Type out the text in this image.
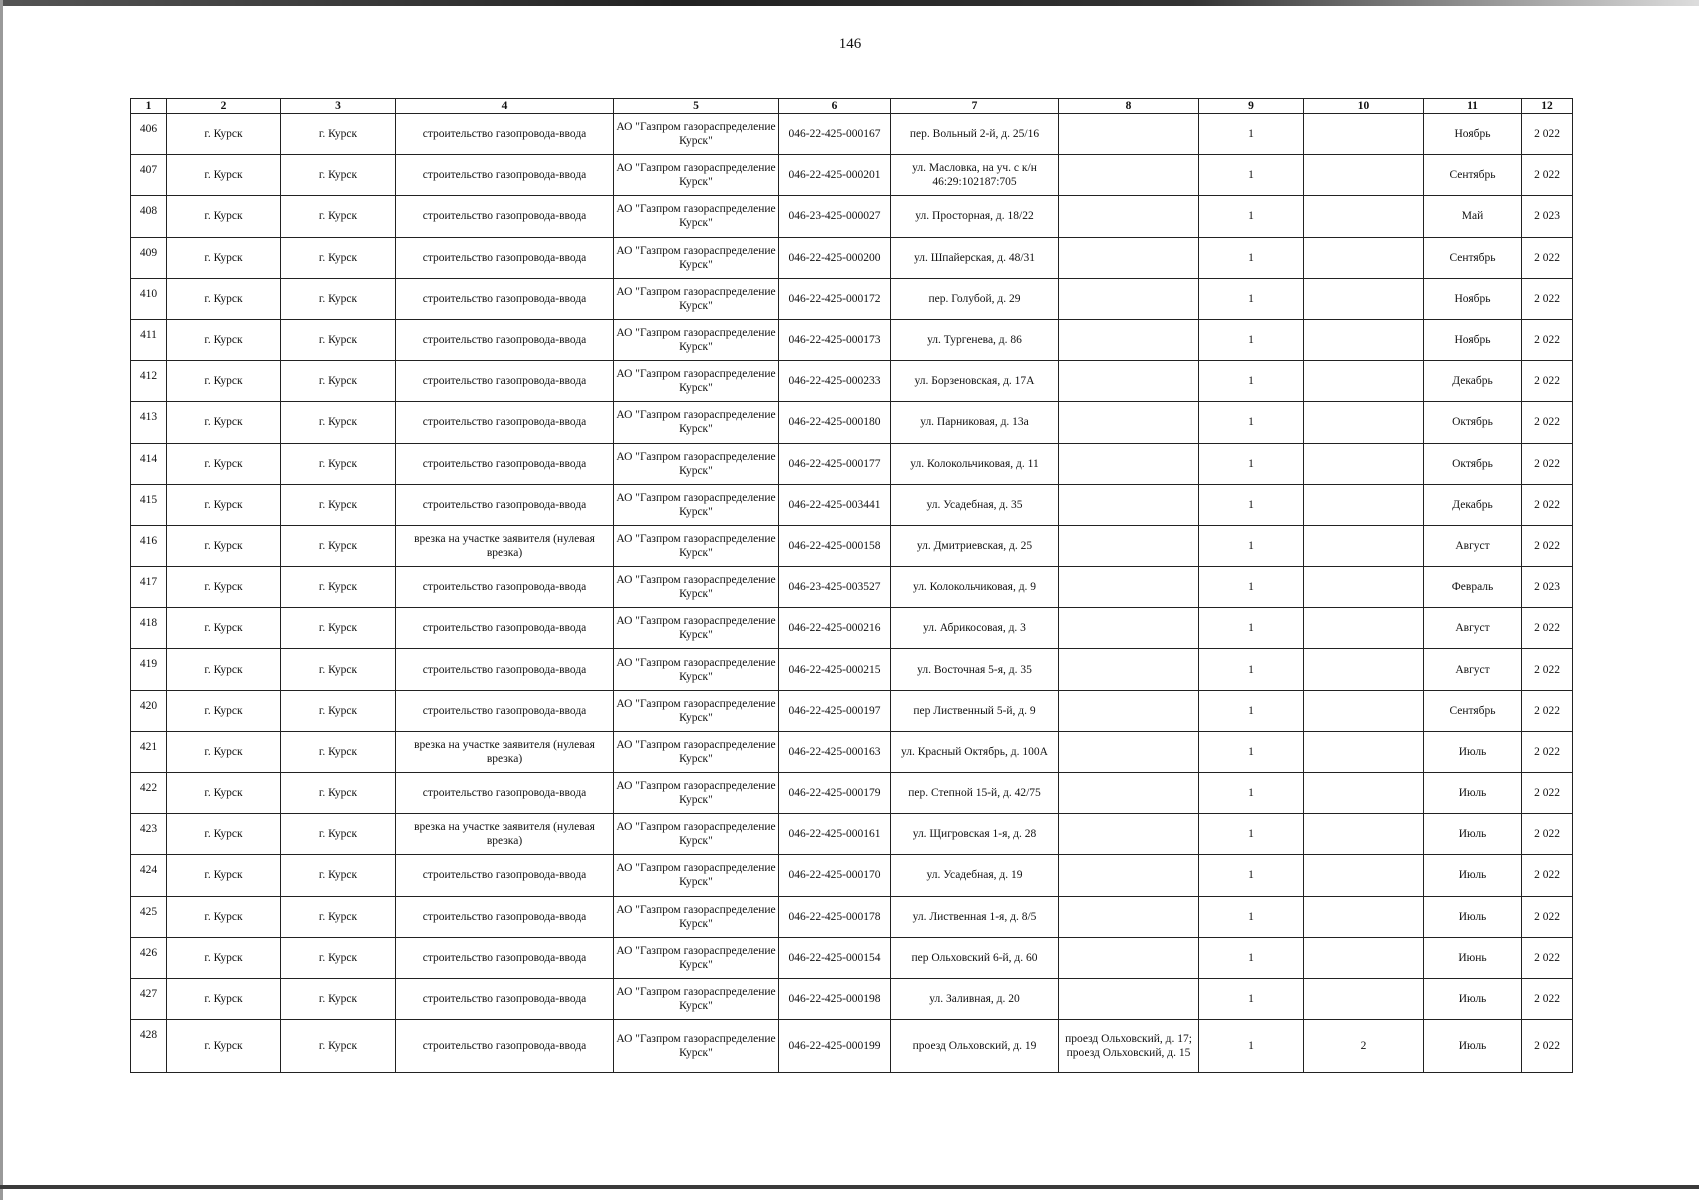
146
1	2	3	4	5	6	7	8	9	10	11	12
406	г. Курск	г. Курск	строительство газопровода-ввода	АО "Газпром газораспределение Курск"	046-22-425-000167	пер. Вольный 2-й, д. 25/16		1		Ноябрь	2 022
407	г. Курск	г. Курск	строительство газопровода-ввода	АО "Газпром газораспределение Курск"	046-22-425-000201	ул. Масловка, на уч. с к/н 46:29:102187:705		1		Сентябрь	2 022
408	г. Курск	г. Курск	строительство газопровода-ввода	АО "Газпром газораспределение Курск"	046-23-425-000027	ул. Просторная, д. 18/22		1		Май	2 023
409	г. Курск	г. Курск	строительство газопровода-ввода	АО "Газпром газораспределение Курск"	046-22-425-000200	ул. Шпайерская, д. 48/31		1		Сентябрь	2 022
410	г. Курск	г. Курск	строительство газопровода-ввода	АО "Газпром газораспределение Курск"	046-22-425-000172	пер. Голубой, д. 29		1		Ноябрь	2 022
411	г. Курск	г. Курск	строительство газопровода-ввода	АО "Газпром газораспределение Курск"	046-22-425-000173	ул. Тургенева, д. 86		1		Ноябрь	2 022
412	г. Курск	г. Курск	строительство газопровода-ввода	АО "Газпром газораспределение Курск"	046-22-425-000233	ул. Борзеновская, д. 17А		1		Декабрь	2 022
413	г. Курск	г. Курск	строительство газопровода-ввода	АО "Газпром газораспределение Курск"	046-22-425-000180	ул. Парниковая, д. 13а		1		Октябрь	2 022
414	г. Курск	г. Курск	строительство газопровода-ввода	АО "Газпром газораспределение Курск"	046-22-425-000177	ул. Колокольчиковая, д. 11		1		Октябрь	2 022
415	г. Курск	г. Курск	строительство газопровода-ввода	АО "Газпром газораспределение Курск"	046-22-425-003441	ул. Усадебная, д. 35		1		Декабрь	2 022
416	г. Курск	г. Курск	врезка на участке заявителя (нулевая врезка)	АО "Газпром газораспределение Курск"	046-22-425-000158	ул. Дмитриевская, д. 25		1		Август	2 022
417	г. Курск	г. Курск	строительство газопровода-ввода	АО "Газпром газораспределение Курск"	046-23-425-003527	ул. Колокольчиковая, д. 9		1		Февраль	2 023
418	г. Курск	г. Курск	строительство газопровода-ввода	АО "Газпром газораспределение Курск"	046-22-425-000216	ул. Абрикосовая, д. 3		1		Август	2 022
419	г. Курск	г. Курск	строительство газопровода-ввода	АО "Газпром газораспределение Курск"	046-22-425-000215	ул. Восточная 5-я, д. 35		1		Август	2 022
420	г. Курск	г. Курск	строительство газопровода-ввода	АО "Газпром газораспределение Курск"	046-22-425-000197	пер Лиственный 5-й, д. 9		1		Сентябрь	2 022
421	г. Курск	г. Курск	врезка на участке заявителя (нулевая врезка)	АО "Газпром газораспределение Курск"	046-22-425-000163	ул. Красный Октябрь, д. 100А		1		Июль	2 022
422	г. Курск	г. Курск	строительство газопровода-ввода	АО "Газпром газораспределение Курск"	046-22-425-000179	пер. Степной 15-й, д. 42/75		1		Июль	2 022
423	г. Курск	г. Курск	врезка на участке заявителя (нулевая врезка)	АО "Газпром газораспределение Курск"	046-22-425-000161	ул. Щигровская 1-я, д. 28		1		Июль	2 022
424	г. Курск	г. Курск	строительство газопровода-ввода	АО "Газпром газораспределение Курск"	046-22-425-000170	ул. Усадебная, д. 19		1		Июль	2 022
425	г. Курск	г. Курск	строительство газопровода-ввода	АО "Газпром газораспределение Курск"	046-22-425-000178	ул. Лиственная 1-я, д. 8/5		1		Июль	2 022
426	г. Курск	г. Курск	строительство газопровода-ввода	АО "Газпром газораспределение Курск"	046-22-425-000154	пер Ольховский 6-й, д. 60		1		Июнь	2 022
427	г. Курск	г. Курск	строительство газопровода-ввода	АО "Газпром газораспределение Курск"	046-22-425-000198	ул. Заливная, д. 20		1		Июль	2 022
428	г. Курск	г. Курск	строительство газопровода-ввода	АО "Газпром газораспределение Курск"	046-22-425-000199	проезд Ольховский, д. 19	проезд Ольховский, д. 17; проезд Ольховский, д. 15	1	2	Июль	2 022
